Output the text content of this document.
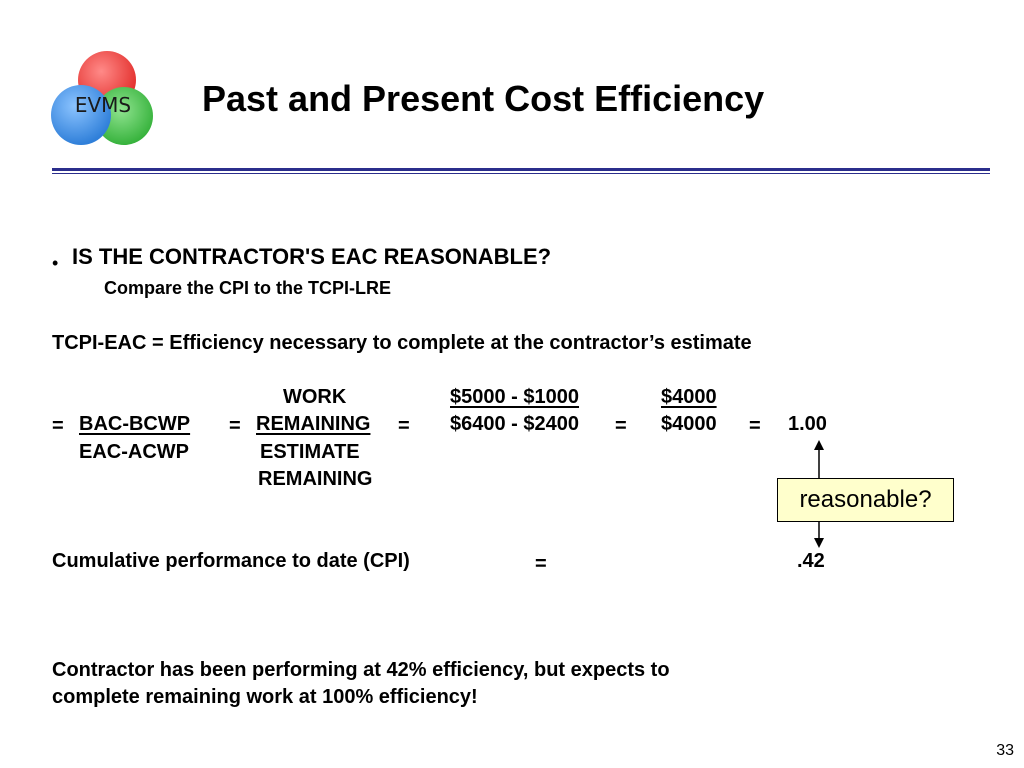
EVMS Past and Present Cost Efficiency
• IS THE CONTRACTOR'S EAC REASONABLE?
Compare the CPI to the TCPI-LRE
TCPI-EAC = Efficiency necessary to complete at the contractor’s estimate
= BAC-BCWP
EAC-ACWP
=
WORK
REMAINING
ESTIMATE
REMAINING
=
$5000 - $1000
$6400 - $2400 =
$4000
$4000 = 1.00
reasonable?
Cumulative performance to date (CPI)	=	.42
Contractor has been performing at 42% efficiency, but expects to
complete remaining work at 100% efficiency!
33
